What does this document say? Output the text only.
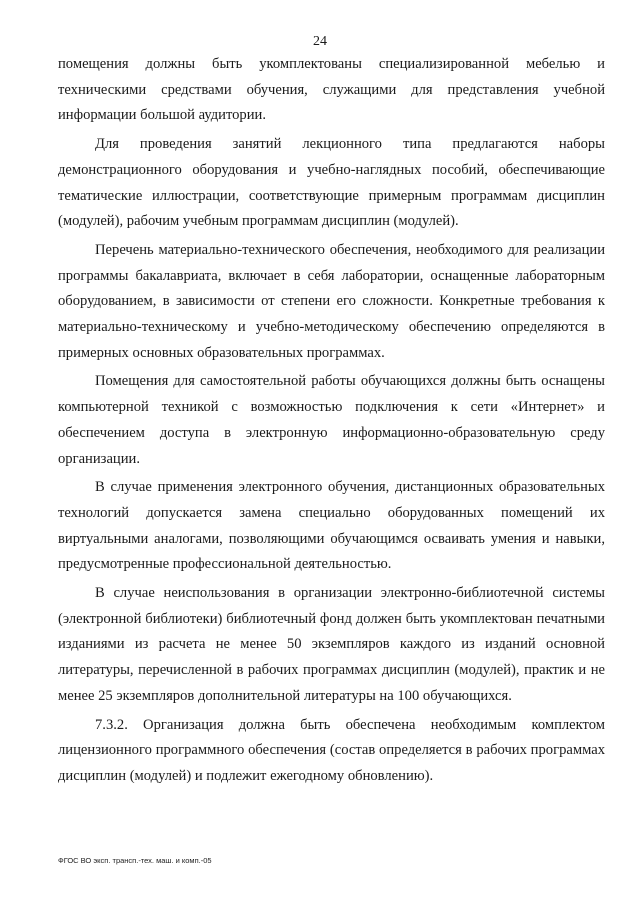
24

помещения должны быть укомплектованы специализированной мебелью и техническими средствами обучения, служащими для представления учебной информации большой аудитории.

Для проведения занятий лекционного типа предлагаются наборы демонстрационного оборудования и учебно-наглядных пособий, обеспечивающие тематические иллюстрации, соответствующие примерным программам дисциплин (модулей), рабочим учебным программам дисциплин (модулей).

Перечень материально-технического обеспечения, необходимого для реализации программы бакалавриата, включает в себя лаборатории, оснащенные лабораторным оборудованием, в зависимости от степени его сложности. Конкретные требования к материально-техническому и учебно-методическому обеспечению определяются в примерных основных образовательных программах.

Помещения для самостоятельной работы обучающихся должны быть оснащены компьютерной техникой с возможностью подключения к сети «Интернет» и обеспечением доступа в электронную информационно-образовательную среду организации.

В случае применения электронного обучения, дистанционных образовательных технологий допускается замена специально оборудованных помещений их виртуальными аналогами, позволяющими обучающимся осваивать умения и навыки, предусмотренные профессиональной деятельностью.

В случае неиспользования в организации электронно-библиотечной системы (электронной библиотеки) библиотечный фонд должен быть укомплектован печатными изданиями из расчета не менее 50 экземпляров каждого из изданий основной литературы, перечисленной в рабочих программах дисциплин (модулей), практик и не менее 25 экземпляров дополнительной литературы на 100 обучающихся.

7.3.2. Организация должна быть обеспечена необходимым комплектом лицензионного программного обеспечения (состав определяется в рабочих программах дисциплин (модулей) и подлежит ежегодному обновлению).

ФГОС ВО эксп. трансп.-тех. маш. и комп.-05
